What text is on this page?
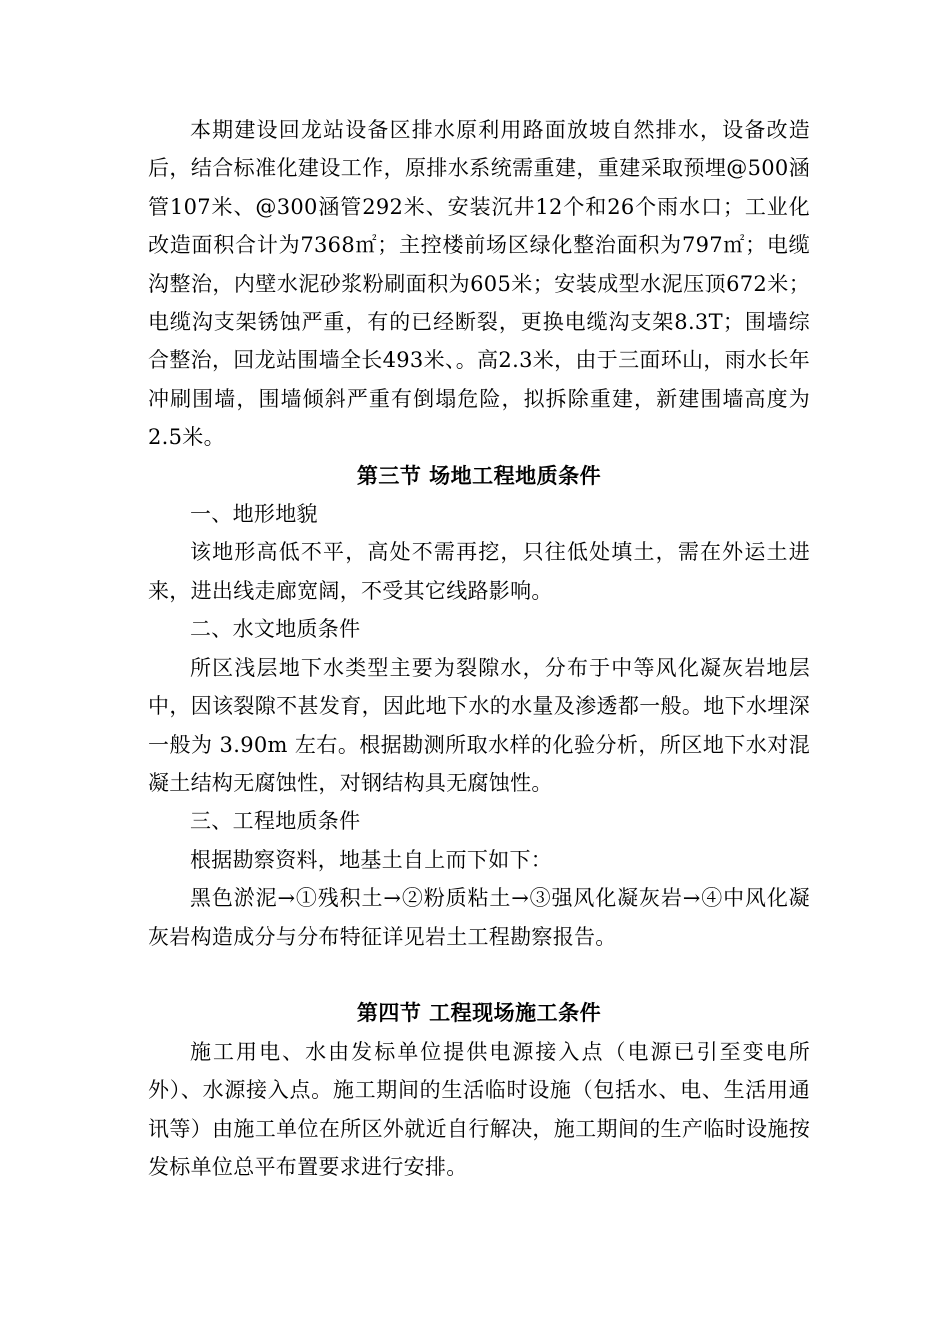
本期建设回龙站设备区排水原利用路面放坡自然排水，设备改造后，结合标准化建设工作，原排水系统需重建，重建采取预埋@500涵管107米、@300涵管292米、安装沉井12个和26个雨水口；工业化改造面积合计为7368㎡；主控楼前场区绿化整治面积为797㎡；电缆沟整治，内壁水泥砂浆粉刷面积为605米；安装成型水泥压顶672米；电缆沟支架锈蚀严重，有的已经断裂，更换电缆沟支架8.3T；围墙综合整治，回龙站围墙全长493米、。高2.3米，由于三面环山，雨水长年冲刷围墙，围墙倾斜严重有倒塌危险，拟拆除重建，新建围墙高度为2.5米。

第三节 场地工程地质条件

一、地形地貌

该地形高低不平，高处不需再挖，只往低处填土，需在外运土进来，进出线走廊宽阔，不受其它线路影响。

二、水文地质条件

所区浅层地下水类型主要为裂隙水，分布于中等风化凝灰岩地层中，因该裂隙不甚发育，因此地下水的水量及渗透都一般。地下水埋深一般为 3.90m 左右。根据勘测所取水样的化验分析，所区地下水对混凝土结构无腐蚀性，对钢结构具无腐蚀性。

三、工程地质条件

根据勘察资料，地基土自上而下如下：

黑色淤泥→①残积土→②粉质粘土→③强风化凝灰岩→④中风化凝灰岩构造成分与分布特征详见岩土工程勘察报告。

第四节 工程现场施工条件

施工用电、水由发标单位提供电源接入点（电源已引至变电所外）、水源接入点。施工期间的生活临时设施（包括水、电、生活用通讯等）由施工单位在所区外就近自行解决，施工期间的生产临时设施按发标单位总平布置要求进行安排。
